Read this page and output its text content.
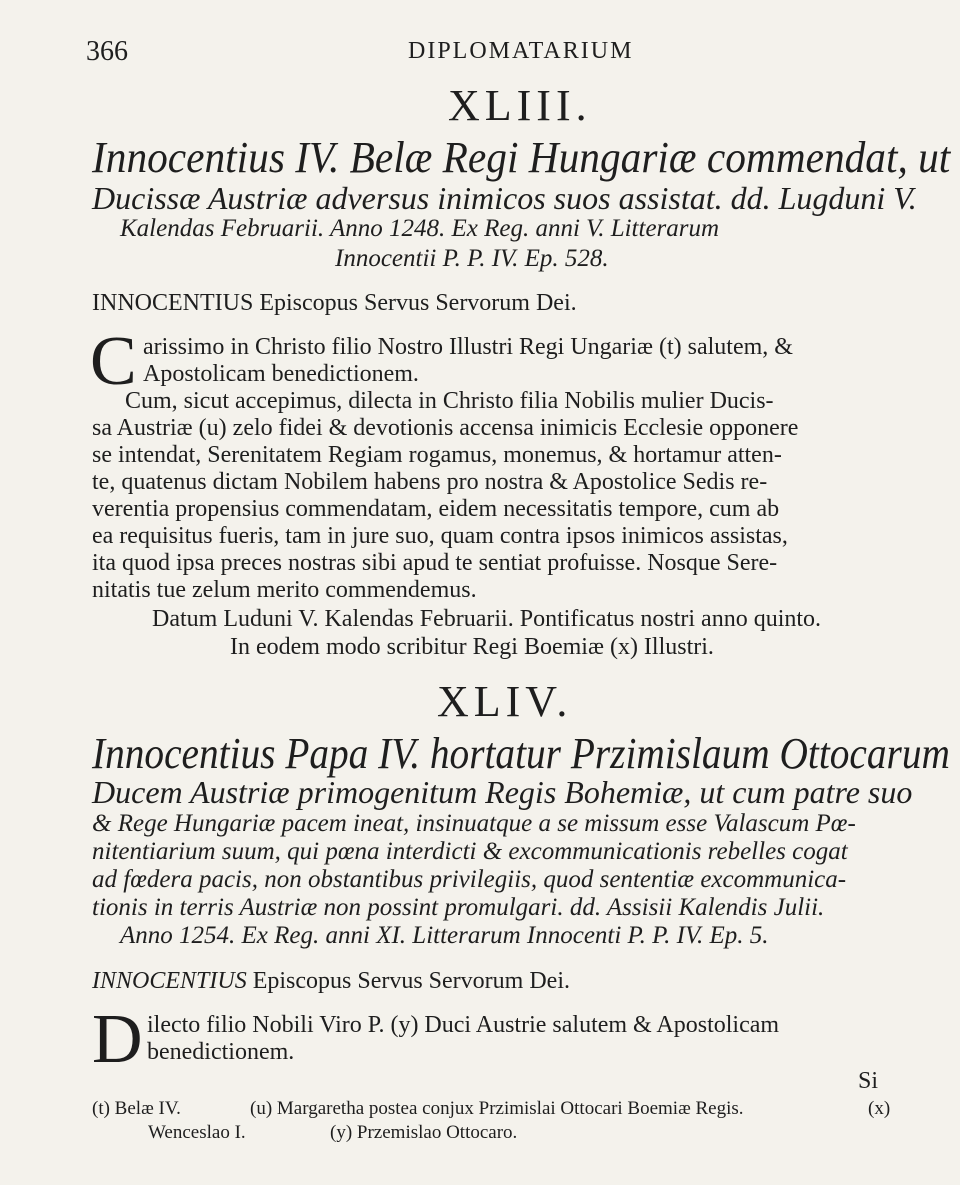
366	DIPLOMATARIUM
XLIII.
Innocentius IV. Belæ Regi Hungariæ commendat, ut
Ducissæ Austriæ adversus inimicos suos assistat. dd. Lugduni V.
Kalendas Februarii. Anno 1248. Ex Reg. anni V. Litterarum
Innocentii P. P. IV. Ep. 528.
INNOCENTIUS Episcopus Servus Servorum Dei.
C arissimo in Christo filio Nostro Illustri Regi Ungariæ (t) salutem, &
Apostolicam benedictionem.
Cum, sicut accepimus, dilecta in Christo filia Nobilis mulier Ducis-
sa Austriæ (u) zelo fidei & devotionis accensa inimicis Ecclesie opponere
se intendat, Serenitatem Regiam rogamus, monemus, & hortamur atten-
te, quatenus dictam Nobilem habens pro nostra & Apostolice Sedis re-
verentia propensius commendatam, eidem necessitatis tempore, cum ab
ea requisitus fueris, tam in jure suo, quam contra ipsos inimicos assistas,
ita quod ipsa preces nostras sibi apud te sentiat profuisse. Nosque Sere-
nitatis tue zelum merito commendemus.
Datum Luduni V. Kalendas Februarii. Pontificatus nostri anno quinto.
In eodem modo scribitur Regi Boemiæ (x) Illustri.
XLIV.
Innocentius Papa IV. hortatur Przimislaum Ottocarum
Ducem Austriæ primogenitum Regis Bohemiæ, ut cum patre suo
& Rege Hungariæ pacem ineat, insinuatque a se missum esse Valascum Pœ-
nitentiarium suum, qui pœna interdicti & excommunicationis rebelles cogat
ad fœdera pacis, non obstantibus privilegiis, quod sententiæ excommunica-
tionis in terris Austriæ non possint promulgari. dd. Assisii Kalendis Julii.
Anno 1254. Ex Reg. anni XI. Litterarum Innocenti P. P. IV. Ep. 5.
INNOCENTIUS Episcopus Servus Servorum Dei.
D ilecto filio Nobili Viro P. (y) Duci Austrie salutem & Apostolicam
benedictionem.
Si
(t) Belæ IV.	(u) Margaretha postea conjux Przimislai Ottocari Boemiæ Regis.	(x)
Wenceslao I.	(y) Przemislao Ottocaro.
